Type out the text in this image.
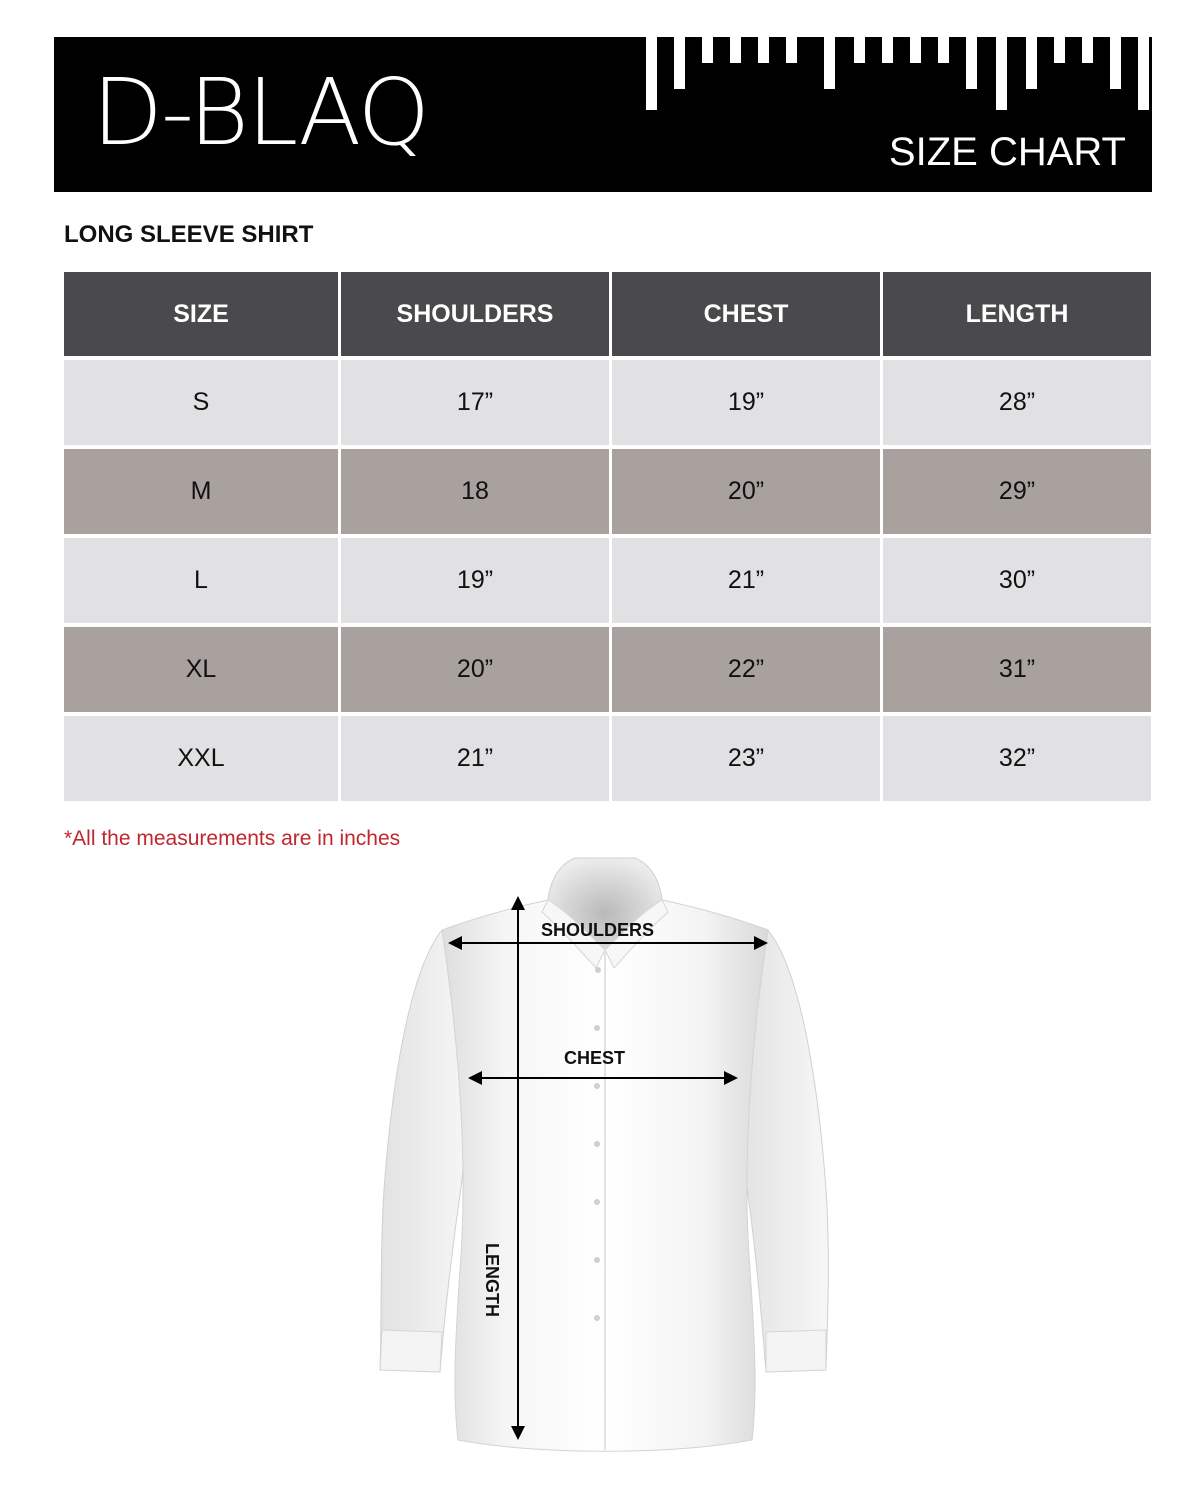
D-BLAQ	SIZE CHART
LONG SLEEVE SHIRT
SIZE	SHOULDERS	CHEST	LENGTH
S	17”	19”	28”
M	18	20”	29”
L	19”	21”	30”
XL	20”	22”	31”
XXL	21”	23”	32”
*All the measurements are in inches
SHOULDERS
CHEST
LENGTH
